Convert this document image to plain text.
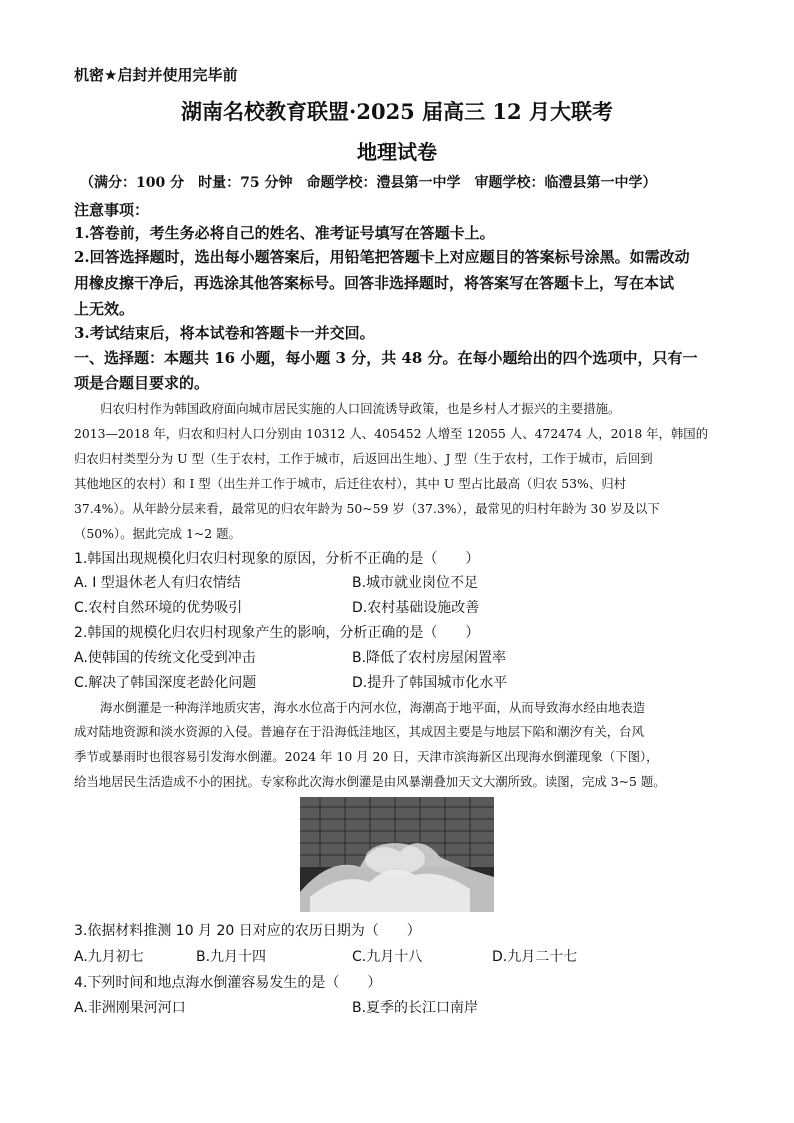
机密★启封并使用完毕前
湖南名校教育联盟·2025 届高三 12 月大联考
地理试卷
（满分：100 分　时量：75 分钟　命题学校：澧县第一中学　审题学校：临澧县第一中学）
注意事项：
1.答卷前，考生务必将自己的姓名、准考证号填写在答题卡上。
2.回答选择题时，选出每小题答案后，用铅笔把答题卡上对应题目的答案标号涂黑。如需改动
用橡皮擦干净后，再选涂其他答案标号。回答非选择题时，将答案写在答题卡上，写在本试
上无效。
3.考试结束后，将本试卷和答题卡一并交回。
一、选择题：本题共 16 小题，每小题 3 分，共 48 分。在每小题给出的四个选项中，只有一
项是合题目要求的。
归农归村作为韩国政府面向城市居民实施的人口回流诱导政策，也是乡村人才振兴的主要措施。
2013—2018 年，归农和归村人口分别由 10312 人、405452 人增至 12055 人、472474 人，2018 年，韩国的
归农归村类型分为 U 型（生于农村，工作于城市，后返回出生地）、J 型（生于农村，工作于城市，后回到
其他地区的农村）和 I 型（出生并工作于城市，后迁往农村），其中 U 型占比最高（归农 53%、归村
37.4%）。从年龄分层来看，最常见的归农年龄为 50~59 岁（37.3%），最常见的归村年龄为 30 岁及以下
（50%）。据此完成 1~2 题。
1.韩国出现规模化归农归村现象的原因，分析不正确的是（　　）
A. I 型退休老人有归农情结	B.城市就业岗位不足
C.农村自然环境的优势吸引	D.农村基础设施改善
2.韩国的规模化归农归村现象产生的影响，分析正确的是（　　）
A.使韩国的传统文化受到冲击	B.降低了农村房屋闲置率
C.解决了韩国深度老龄化问题	D.提升了韩国城市化水平
海水倒灌是一种海洋地质灾害，海水水位高于内河水位，海潮高于地平面，从而导致海水经由地表造
成对陆地资源和淡水资源的入侵。普遍存在于沿海低洼地区，其成因主要是与地层下陷和潮汐有关，台风
季节或暴雨时也很容易引发海水倒灌。2024 年 10 月 20 日，天津市滨海新区出现海水倒灌现象（下图），
给当地居民生活造成不小的困扰。专家称此次海水倒灌是由风暴潮叠加天文大潮所致。读图，完成 3~5 题。
3.依据材料推测 10 月 20 日对应的农历日期为（　　）
A.九月初七	B.九月十四	C.九月十八	D.九月二十七
4.下列时间和地点海水倒灌容易发生的是（　　）
A.非洲刚果河河口	B.夏季的长江口南岸
